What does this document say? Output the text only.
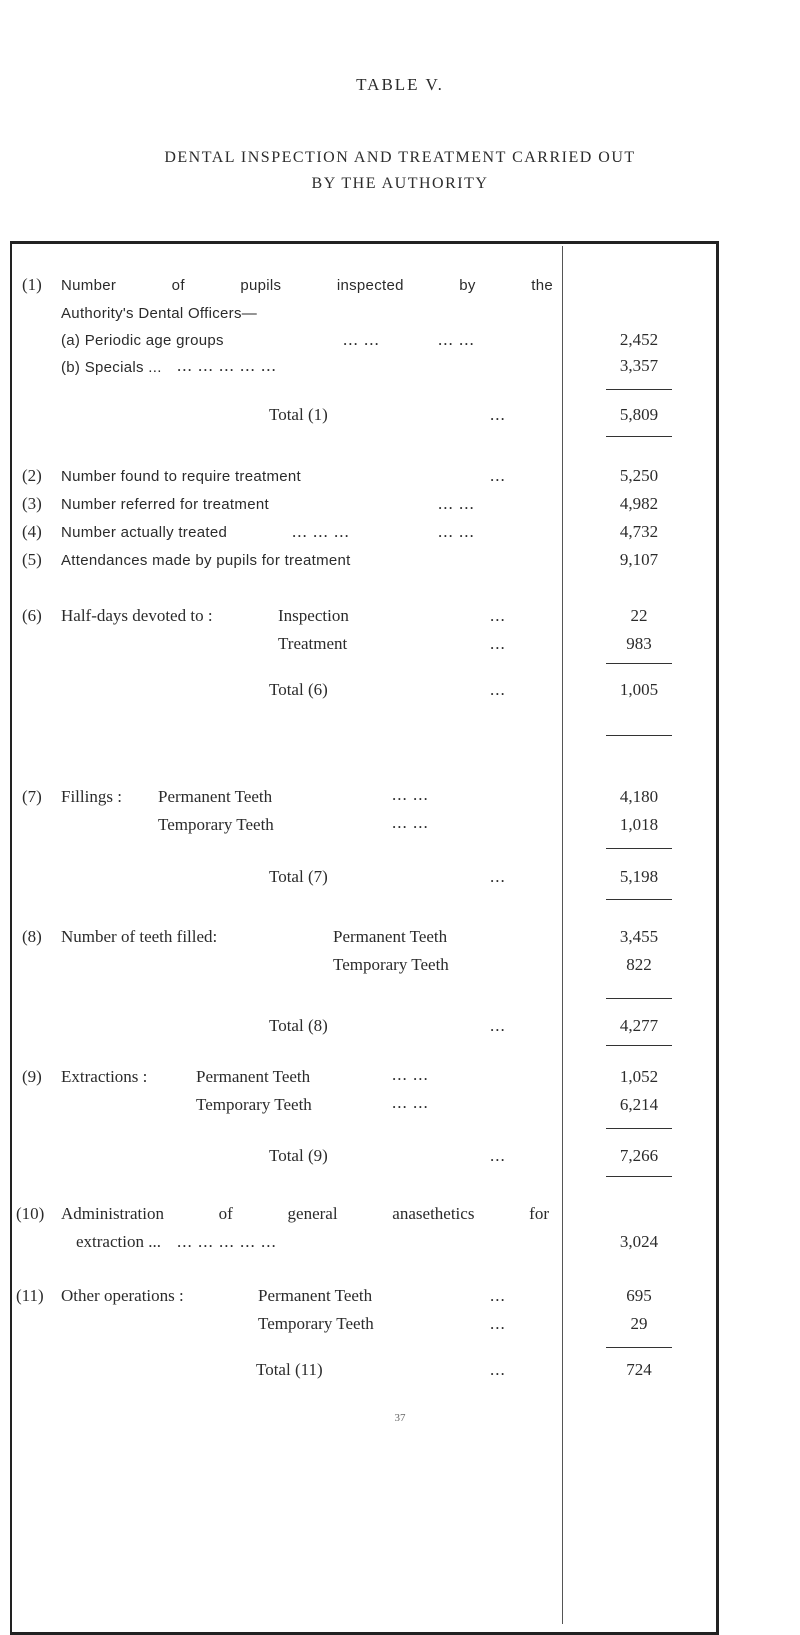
TABLE V.
DENTAL INSPECTION AND TREATMENT CARRIED OUT
BY THE AUTHORITY
(1) Number of pupils inspected by the
Authority's Dental Officers—
(a) Periodic age groups	... ...	... ...	2,452
(b) Specials ... ... ... ... ... ...	3,357
Total (1)	...	5,809
(2) Number found to require treatment	...	5,250
(3) Number referred for treatment	... ...	4,982
(4) Number actually treated	... ... ...	... ...	4,732
(5) Attendances made by pupils for treatment	9,107
(6) Half-days devoted to :	Inspection	...	22
Treatment	...	983
Total (6)	...	1,005
(7) Fillings : Permanent Teeth	... ...	4,180
Temporary Teeth	... ...	1,018
Total (7)	...	5,198
(8) Number of teeth filled:	Permanent Teeth	3,455
Temporary Teeth	822
Total (8)	...	4,277
(9) Extractions :	Permanent Teeth	... ...	1,052
Temporary Teeth	... ...	6,214
Total (9)	...	7,266
(10) Administration of general anasethetics for
extraction ... ... ... ... ... ...	3,024
(11) Other operations :	Permanent Teeth	...	695
Temporary Teeth	...	29
Total (11)	...	724
37
